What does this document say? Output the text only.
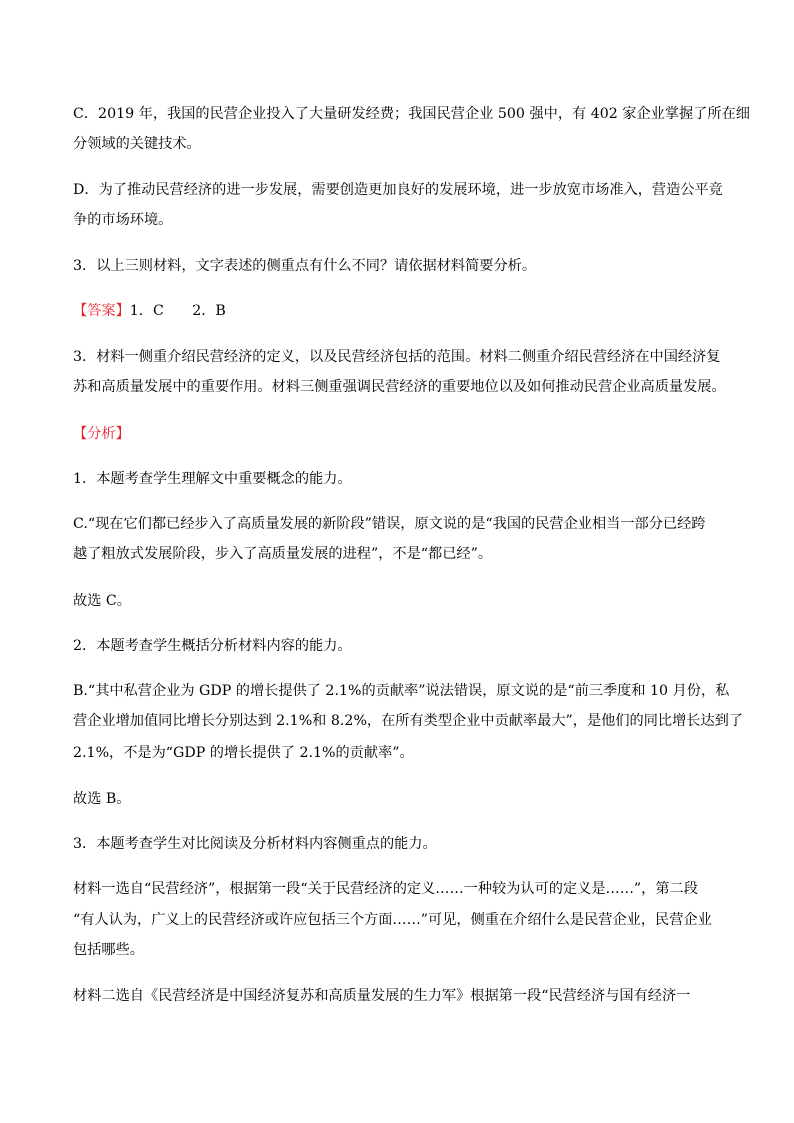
C．2019 年，我国的民营企业投入了大量研发经费；我国民营企业 500 强中，有 402 家企业掌握了所在细
分领域的关键技术。
D．为了推动民营经济的进一步发展，需要创造更加良好的发展环境，进一步放宽市场准入，营造公平竞
争的市场环境。
3．以上三则材料，文字表述的侧重点有什么不同？请依据材料简要分析。
【答案】1．C　　2．B
3．材料一侧重介绍民营经济的定义，以及民营经济包括的范围。材料二侧重介绍民营经济在中国经济复
苏和高质量发展中的重要作用。材料三侧重强调民营经济的重要地位以及如何推动民营企业高质量发展。
【分析】
1．本题考查学生理解文中重要概念的能力。
C.“现在它们都已经步入了高质量发展的新阶段”错误，原文说的是“我国的民营企业相当一部分已经跨
越了粗放式发展阶段，步入了高质量发展的进程”，不是“都已经”。
故选 C。
2．本题考查学生概括分析材料内容的能力。
B.“其中私营企业为 GDP 的增长提供了 2.1%的贡献率”说法错误，原文说的是“前三季度和 10 月份，私
营企业增加值同比增长分别达到 2.1%和 8.2%，在所有类型企业中贡献率最大”，是他们的同比增长达到了
2.1%，不是为“GDP 的增长提供了 2.1%的贡献率”。
故选 B。
3．本题考查学生对比阅读及分析材料内容侧重点的能力。
材料一选自“民营经济”，根据第一段“关于民营经济的定义……一种较为认可的定义是……”，第二段
“有人认为，广义上的民营经济或许应包括三个方面……”可见，侧重在介绍什么是民营企业，民营企业
包括哪些。
材料二选自《民营经济是中国经济复苏和高质量发展的生力军》根据第一段“民营经济与国有经济一
